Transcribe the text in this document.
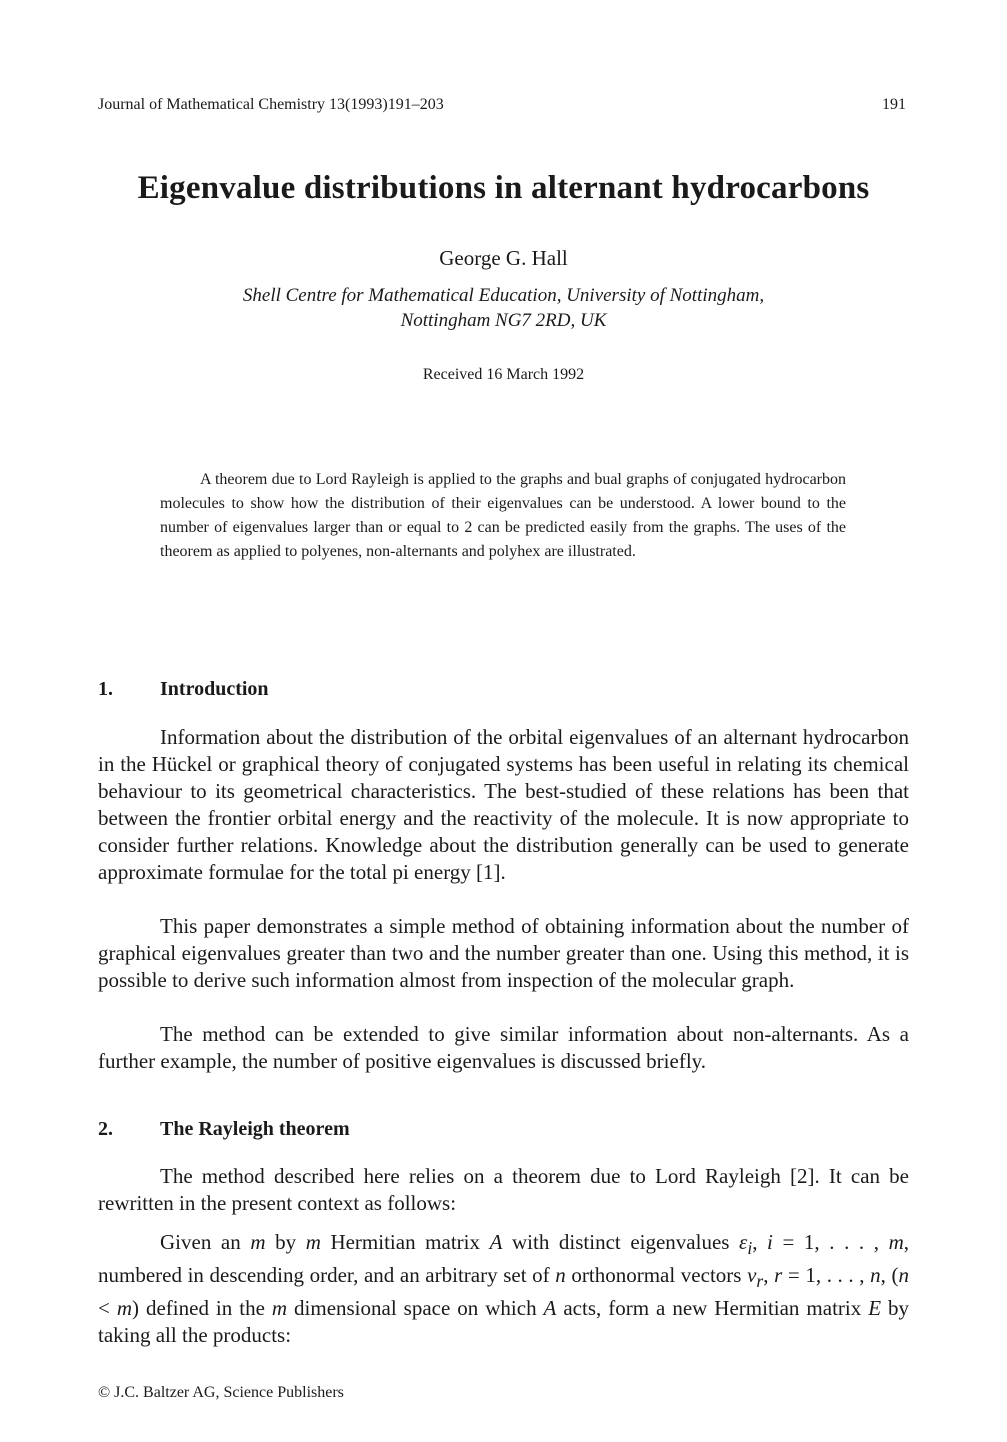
Journal of Mathematical Chemistry 13(1993)191–203	191
Eigenvalue distributions in alternant hydrocarbons
George G. Hall
Shell Centre for Mathematical Education, University of Nottingham,
Nottingham NG7 2RD, UK
Received 16 March 1992

A theorem due to Lord Rayleigh is applied to the graphs and bual graphs of conjugated hydrocarbon molecules to show how the distribution of their eigenvalues can be understood. A lower bound to the number of eigenvalues larger than or equal to 2 can be predicted easily from the graphs. The uses of the theorem as applied to polyenes, non-alternants and polyhex are illustrated.

1.	Introduction

Information about the distribution of the orbital eigenvalues of an alternant hydrocarbon in the Hückel or graphical theory of conjugated systems has been useful in relating its chemical behaviour to its geometrical characteristics. The best-studied of these relations has been that between the frontier orbital energy and the reactivity of the molecule. It is now appropriate to consider further relations. Knowledge about the distribution generally can be used to generate approximate formulae for the total pi energy [1].

This paper demonstrates a simple method of obtaining information about the number of graphical eigenvalues greater than two and the number greater than one. Using this method, it is possible to derive such information almost from inspection of the molecular graph.

The method can be extended to give similar information about non-alternants. As a further example, the number of positive eigenvalues is discussed briefly.

2.	The Rayleigh theorem

The method described here relies on a theorem due to Lord Rayleigh [2]. It can be rewritten in the present context as follows:

Given an m by m Hermitian matrix A with distinct eigenvalues $\varepsilon_i$, i = 1, . . . , m, numbered in descending order, and an arbitrary set of n orthonormal vectors $v_r$, r = 1, . . . , n, (n < m) defined in the m dimensional space on which A acts, form a new Hermitian matrix E by taking all the products:

© J.C. Baltzer AG, Science Publishers
